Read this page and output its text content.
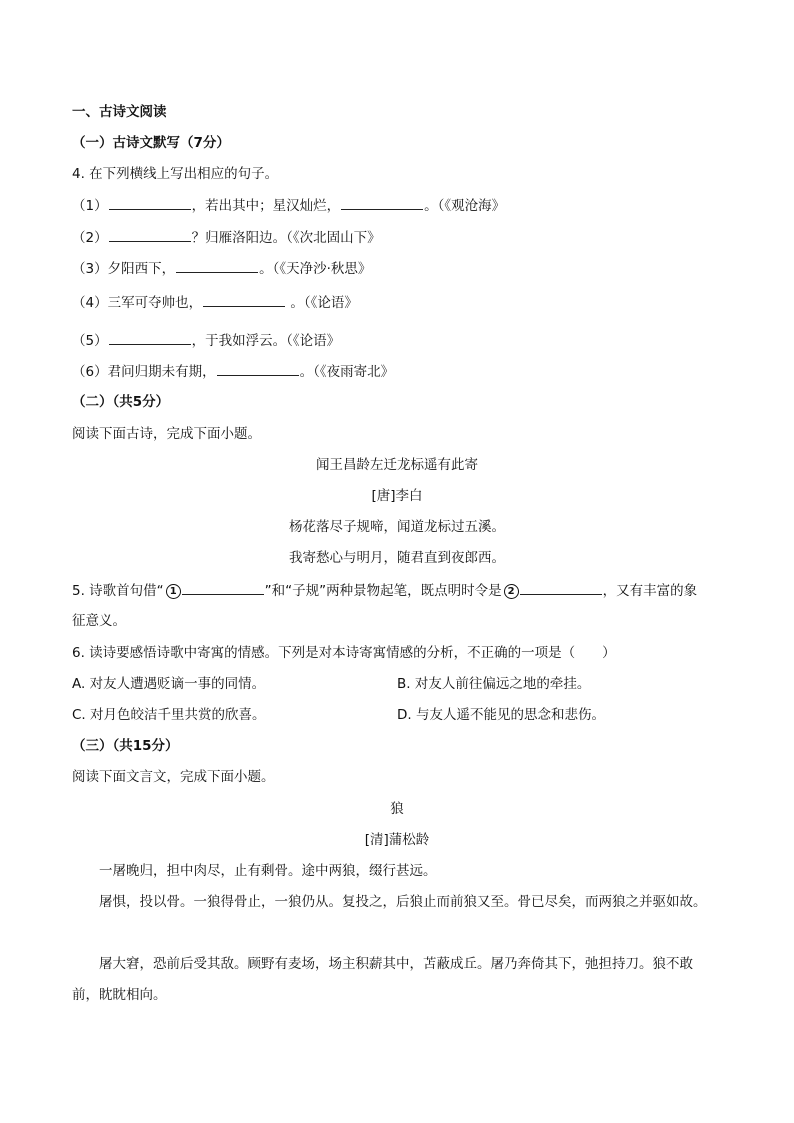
一、古诗文阅读
（一）古诗文默写（7分）
4. 在下列横线上写出相应的句子。
（1）	，若出其中；星汉灿烂，	。（《观沧海》
（2）	？归雁洛阳边。（《次北固山下》
（3）夕阳西下，	。（《天净沙·秋思》
（4）三军可夺帅也，	。（《论语》
（5）	，于我如浮云。（《论语》
（6）君问归期未有期，	。（《夜雨寄北》
（二）（共5分）
阅读下面古诗，完成下面小题。
闻王昌龄左迁龙标遥有此寄
[唐]李白
杨花落尽子规啼，闻道龙标过五溪。
我寄愁心与明月，随君直到夜郎西。
5. 诗歌首句借“ 1	”和“子规”两种景物起笔，既点明时令是 2	，又有丰富的象
征意义。
6. 读诗要感悟诗歌中寄寓的情感。下列是对本诗寄寓情感的分析，不正确的一项是（　　）
A. 对友人遭遇贬谪一事的同情。	B. 对友人前往偏远之地的牵挂。
C. 对月色皎洁千里共赏的欣喜。	D. 与友人遥不能见的思念和悲伤。
（三）（共15分）
阅读下面文言文，完成下面小题。
狼
[清]蒲松龄
一屠晚归，担中肉尽，止有剩骨。途中两狼，缀行甚远。
屠惧，投以骨。一狼得骨止，一狼仍从。复投之，后狼止而前狼又至。骨已尽矣，而两狼之并驱如故。
屠大窘，恐前后受其敌。顾野有麦场，场主积薪其中，苫蔽成丘。屠乃奔倚其下，弛担持刀。狼不敢前，眈眈相向。
